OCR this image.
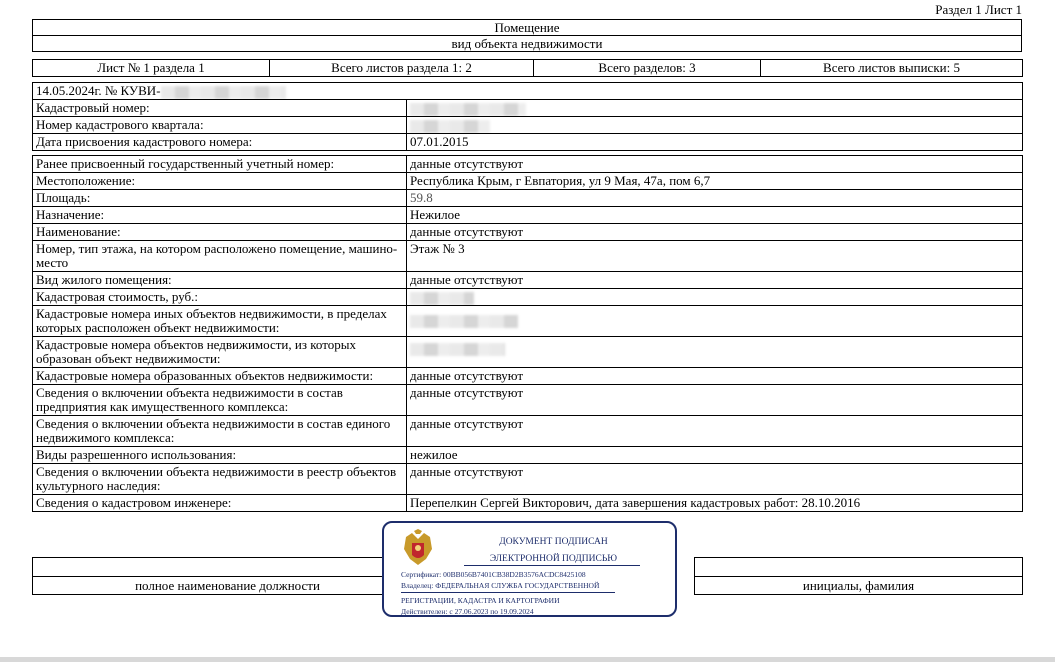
Раздел 1 Лист 1
Помещение
вид объекта недвижимости
Лист № 1 раздела 1	Всего листов раздела 1: 2	Всего разделов: 3	Всего листов выписки: 5
14.05.2024г. № КУВИ-	
Кадастровый номер:	
Номер кадастрового квартала:	
Дата присвоения кадастрового номера:	07.01.2015
Ранее присвоенный государственный учетный номер:	данные отсутствуют
Местоположение:	Республика Крым, г Евпатория, ул 9 Мая, 47а, пом 6,7
Площадь:	59.8
Назначение:	Нежилое
Наименование:	данные отсутствуют
Номер, тип этажа, на котором расположено помещение, машино-место	Этаж № 3
Вид жилого помещения:	данные отсутствуют
Кадастровая стоимость, руб.:	
Кадастровые номера иных объектов недвижимости, в пределах которых расположен объект недвижимости:	
Кадастровые номера объектов недвижимости, из которых образован объект недвижимости:	
Кадастровые номера образованных объектов недвижимости:	данные отсутствуют
Сведения о включении объекта недвижимости в состав предприятия как имущественного комплекса:	данные отсутствуют
Сведения о включении объекта недвижимости в состав единого недвижимого комплекса:	данные отсутствуют
Виды разрешенного использования:	нежилое
Сведения о включении объекта недвижимости в реестр объектов культурного наследия:	данные отсутствуют
Сведения о кадастровом инженере:	Перепелкин Сергей Викторович, дата завершения кадастровых работ: 28.10.2016

полное наименование должности		инициалы, фамилия
ДОКУМЕНТ ПОДПИСАН
ЭЛЕКТРОННОЙ ПОДПИСЬЮ
Сертификат: 00BB056B7401CB38D2B3576ACDC8425108
Владелец: ФЕДЕРАЛЬНАЯ СЛУЖБА ГОСУДАРСТВЕННОЙ
РЕГИСТРАЦИИ, КАДАСТРА И КАРТОГРАФИИ
Действителен: с 27.06.2023 по 19.09.2024
